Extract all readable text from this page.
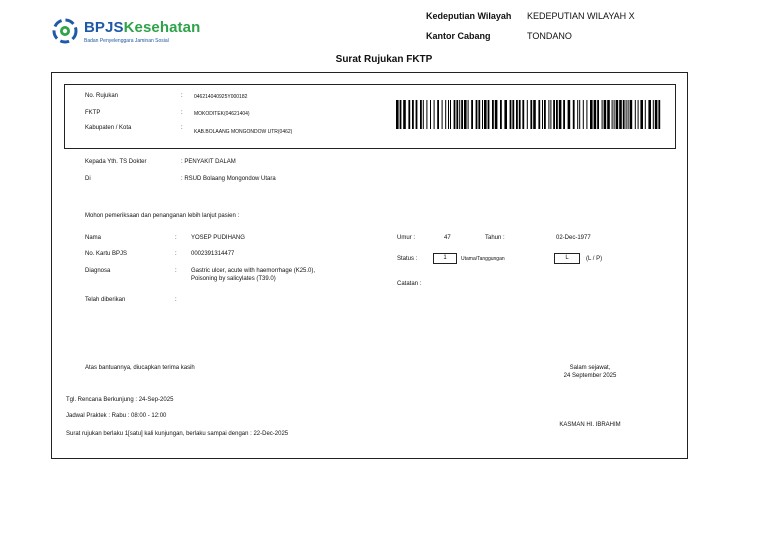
BPJSKesehatan
Badan Penyelenggara Jaminan Sosial
Kedeputian Wilayah KEDEPUTIAN WILAYAH X
Kantor Cabang	TONDANO
Surat Rujukan FKTP
No. Rujukan	: 046214040925Y000182
FKTP	: MOKODITEK(04621404)
Kabupaten / Kota	:
KAB.BOLAANG MONGONDOW UTR(0462)
Kepada Yth. TS Dokter	: PENYAKIT DALAM
Di	: RSUD Bolaang Mongondow Utara
Mohon pemeriksaan dan penanganan lebih lanjut pasien :
Nama	: YOSEP PUDIHANG
No. Kartu BPJS	: 0002391314477
Diagnosa	: Gastric ulcer, acute with haemorrhage (K25.0),
Poisoning by salicylates (T39.0)
Telah diberikan	:
Umur :	47	Tahun :	02-Dec-1977
Status :	1	Utama/Tanggungan	L	(L / P)
Catatan :
Atas bantuannya, diucapkan terima kasih	Salam sejawat,
24 September 2025
Tgl. Rencana Berkunjung : 24-Sep-2025
Jadwal Praktek : Rabu : 08:00 - 12:00
Surat rujukan berlaku 1[satu] kali kunjungan, berlaku sampai dengan : 22-Dec-2025
KASMAN HI. IBRAHIM
